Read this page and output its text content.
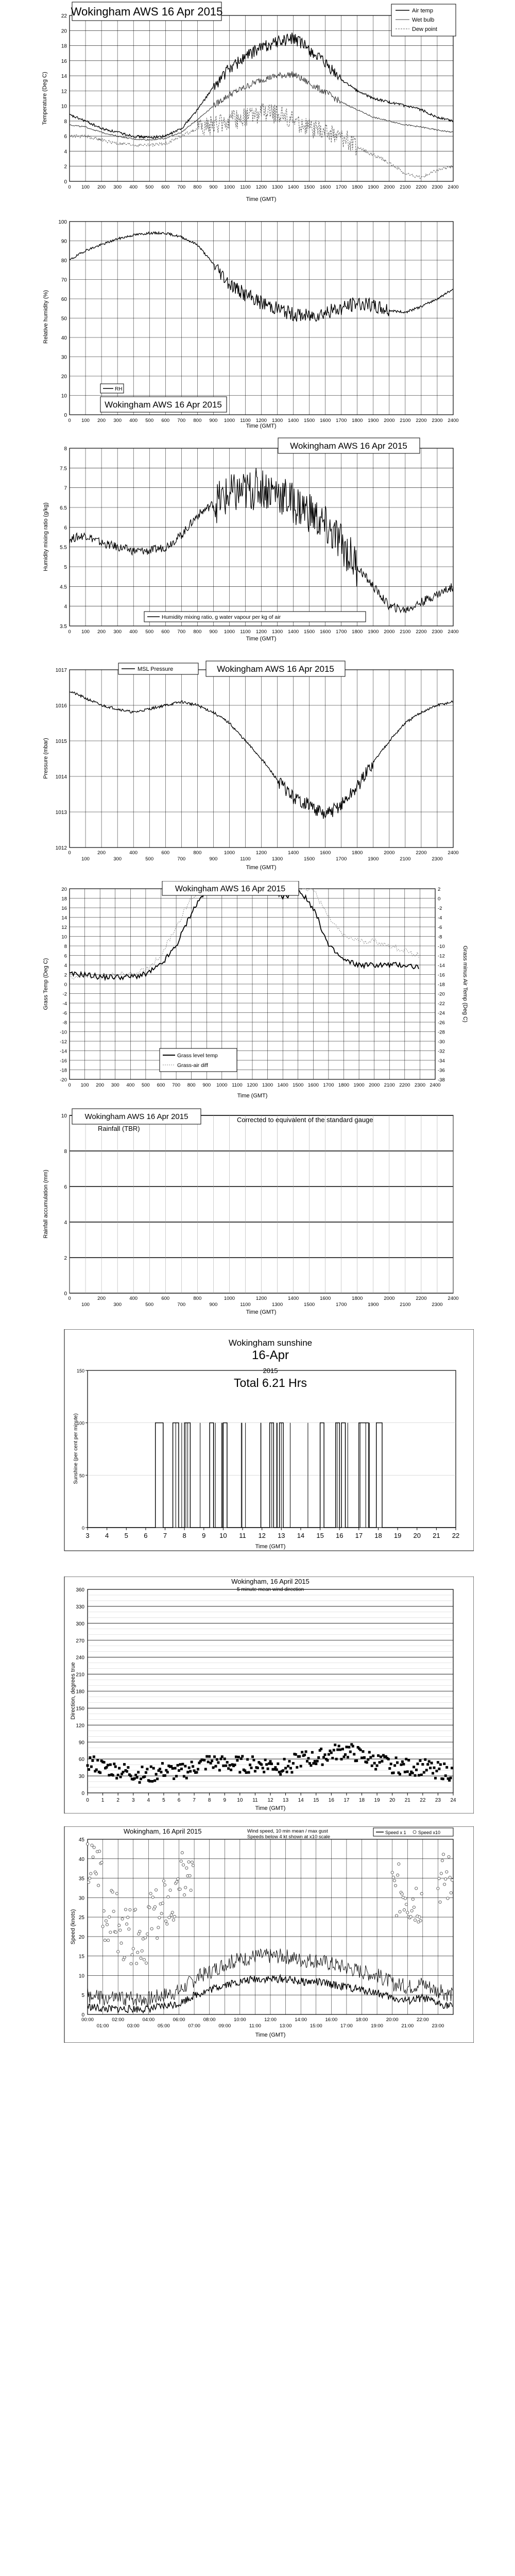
0
2
4
6
8
10
12
14
16
18
20
22
0 100 200 300 400 500 600 700 800 900 1000 1100 1200 1300 1400 1500 1600 1700 1800 1900 2000 2100 2200 2300 2400
Wokingham AWS 16 Apr 2015	Air temp
Wet bulb
Dew point
Temperature (Deg C)
Time (GMT)
0
10
20
30
40
50
60
70
80
90
100
0 100 200 300 400 500 600 700 800 900 1000 1100 1200 1300 1400 1500 1600 1700 1800 1900 2000 2100 2200 2300 2400
RH
Wokingham AWS 16 Apr 2015
Relative humidity (%)
Time (GMT)
3.5
4
4.5
5
5.5
6
6.5
7
7.5
8
0 100 200 300 400 500 600 700 800 900 1000 1100 1200 1300 1400 1500 1600 1700 1800 1900 2000 2100 2200 2300 2400
Wokingham AWS 16 Apr 2015
Humidity mixing ratio, g water vapour per kg of air
Humidity mixing ratio (g/kg)
Time (GMT)
1012
1013
1014
1015
1016
1017
0	200	400	600	800	1000	1200	1400	1600	1800	2000	2200	2400
100	300	500	700	900	1100	1300	1500	1700	1900	2100	2300
MSL Pressure	Wokingham AWS 16 Apr 2015
Pressure (mbar)
Time (GMT)
20
18
16
14
12
10
8
6
4
2
0
-2
-4
-6
-8
-10
-12
-14
-16
-18
-20
2
0
-2
-4
-6
-8
-10
-12
-14
-16
-18
-20
-22
-24
-26
-28
-30
-32
-34
-36
-38
0 100 200 300 400 500 600 700 800 900 1000 1100 1200 1300 1400 1500 1600 1700 1800 1900 2000 2100 2200 2300 2400
Wokingham AWS 16 Apr 2015
Grass level temp
Grass-air diff
Grass Temp (Deg C)	Grass minus Air Temp (Deg C)
Time (GMT)
0
2
4
6
8
10
0	200	400	600	800	1000	1200	1400	1600	1800	2000	2200	2400
100	300	500	700	900	1100	1300	1500	1700	1900	2100	2300
Wokingham AWS 16 Apr 2015
Rainfall (TBR)
Corrected to equivalent of the standard gauge
Rainfall accumulation (mm)
Time (GMT)
0
50
100
150
3 4 5 6 7 8 9 10 11 12 13 14 15 16 17 18 19 20 21 22
Wokingham sunshine
16-Apr
2015
Total 6.21 Hrs
Sunshine (per cent per minute)
Time (GMT)
0
30
60
90
120
150
180
210
240
270
300
330
360
0 1 2 3 4 5 6 7 8 9 10 11 12 13 14 15 16 17 18 19 20 21 22 23 24
Wokingham, 16 April 2015
5 minute mean wind direction
Direction, degrees true
Time (GMT)
0
5
10
15
20
25
30
35
40
45
00:00	02:00	04:00	06:00	08:00	10:00	12:00	14:00	16:00	18:00	20:00	22:00
01:00	03:00	05:00	07:00	09:00	11:00	13:00	15:00	17:00	19:00	21:00	23:00
Wokingham, 16 April 2015	Wind speed, 10 min mean / max gust
Speeds below 4 kt shown at x10 scale
Speed x 1	Speed x10
Speed (knots)
Time (GMT)
